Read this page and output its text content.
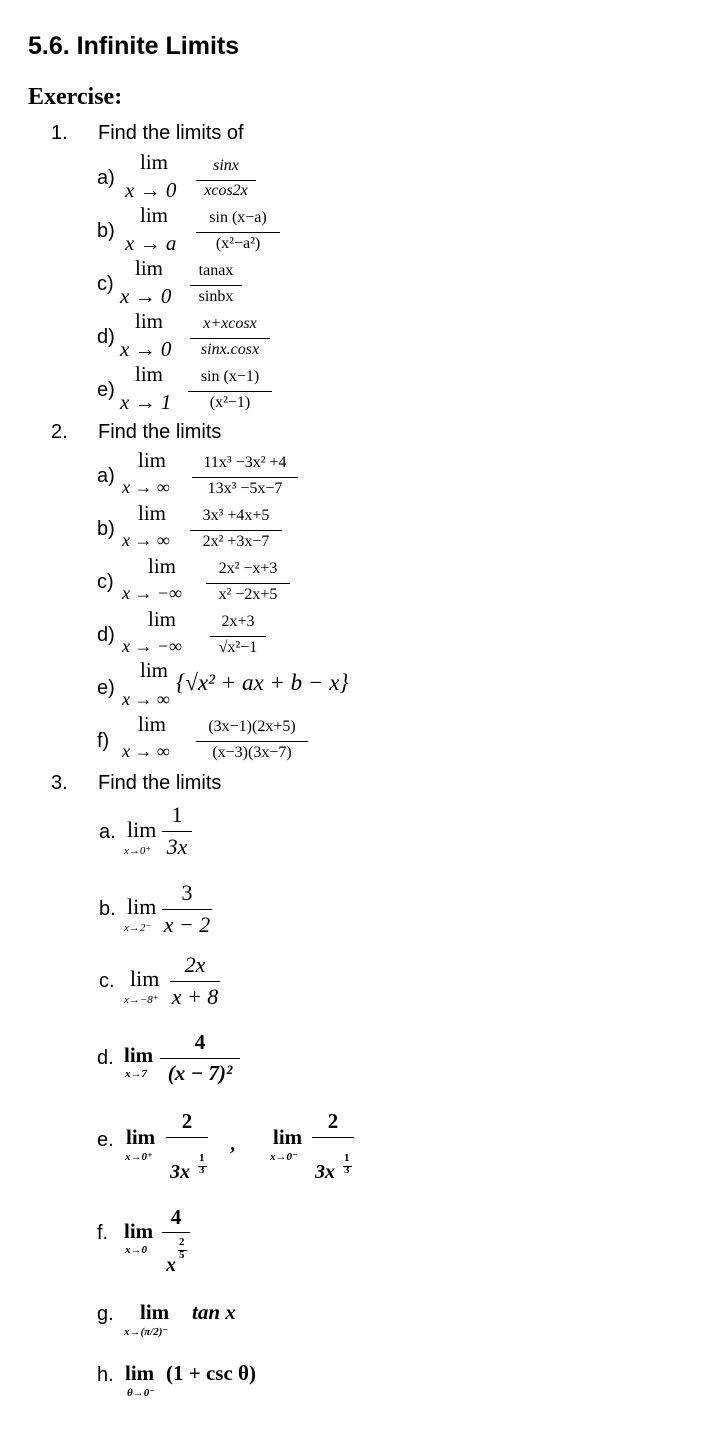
5.6. Infinite Limits
Exercise:
1. Find the limits of
a)
lim
x → 0
sinx
xcos2x
b)
lim
x → a
sin (x−a)
(x²−a²)
c)
lim
x → 0
tanax
sinbx
d)
lim
x → 0
x+xcosx
sinx.cosx
e)
lim
x → 1
sin (x−1)
(x²−1)
2. Find the limits
a)
lim
x → ∞
11x³ −3x² +4
13x³ −5x−7
b)
lim
x → ∞
3x³ +4x+5
2x² +3x−7
c)
lim
x → −∞
2x² −x+3
x² −2x+5
d)
lim
x → −∞
2x+3
√x²−1
e)
lim
x → ∞
{√x² + ax + b − x}
f)
lim
x → ∞
(3x−1)(2x+5)
(x−3)(3x−7)
3. Find the limits
a. lim
x→0⁺
1
3x
b. lim
x→2⁻
3
x − 2
c. lim
x→−8⁺
2x
x + 8
d. lim
x→7
4
(x − 7)²
e. lim
x→0⁺
2
3x
1
3
, lim
x→0⁻
2
3x
1
3
f. lim
x→0
4
x
2
5
g. lim
x→(π/2)⁻
tan x
h. lim
θ→0⁻
(1 + csc θ)
